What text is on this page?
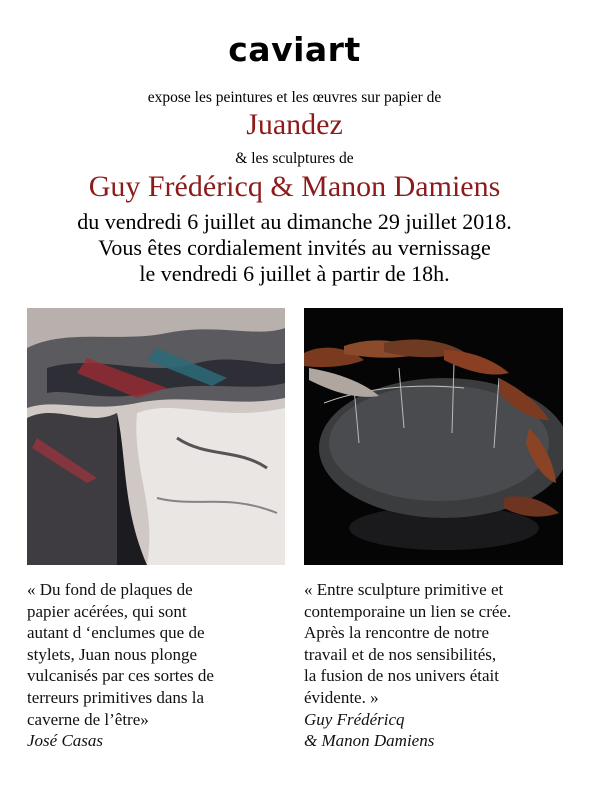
caviart
expose les peintures et les œuvres sur papier de
Juandez
& les sculptures de
Guy Frédéricq & Manon Damiens
du vendredi 6 juillet au dimanche 29 juillet 2018.
Vous êtes cordialement invités au vernissage
le vendredi 6 juillet à partir de 18h.
« Du fond de plaques de
papier acérées, qui sont
autant d ‘enclumes que de
stylets, Juan nous plonge
vulcanisés par ces sortes de
terreurs primitives dans la
caverne de l’être»
José Casas
« Entre sculpture primitive et
contemporaine un lien se crée.
Après la rencontre de notre
travail et de nos sensibilités,
la fusion de nos univers était
évidente. »
Guy Frédéricq
& Manon Damiens
